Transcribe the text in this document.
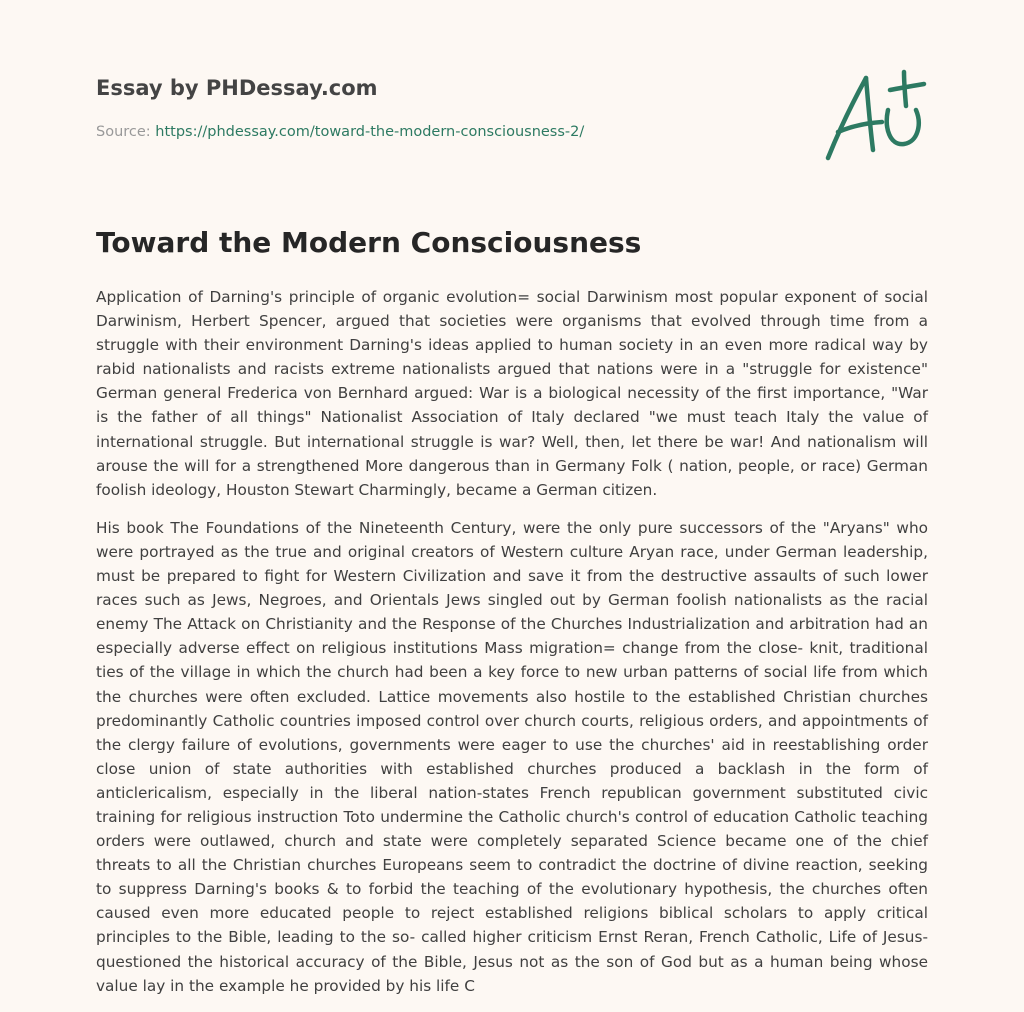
Essay by PHDessay.com
Source: https://phdessay.com/toward-the-modern-consciousness-2/
Toward the Modern Consciousness

Application of Darning's principle of organic evolution= social Darwinism most popular exponent of social Darwinism, Herbert Spencer, argued that societies were organisms that evolved through time from a struggle with their environment Darning's ideas applied to human society in an even more radical way by rabid nationalists and racists extreme nationalists argued that nations were in a "struggle for existence" German general Frederica von Bernhard argued: War is a biological necessity of the first importance, "War is the father of all things" Nationalist Association of Italy declared "we must teach Italy the value of international struggle. But international struggle is war? Well, then, let there be war! And nationalism will arouse the will for a strengthened More dangerous than in Germany Folk ( nation, people, or race) German foolish ideology, Houston Stewart Charmingly, became a German citizen.

His book The Foundations of the Nineteenth Century, were the only pure successors of the "Aryans" who were portrayed as the true and original creators of Western culture Aryan race, under German leadership, must be prepared to fight for Western Civilization and save it from the destructive assaults of such lower races such as Jews, Negroes, and Orientals Jews singled out by German foolish nationalists as the racial enemy The Attack on Christianity and the Response of the Churches Industrialization and arbitration had an especially adverse effect on religious institutions Mass migration= change from the close- knit, traditional ties of the village in which the church had been a key force to new urban patterns of social life from which the churches were often excluded. Lattice movements also hostile to the established Christian churches predominantly Catholic countries imposed control over church courts, religious orders, and appointments of the clergy failure of evolutions, governments were eager to use the churches' aid in reestablishing order close union of state authorities with established churches produced a backlash in the form of anticlericalism, especially in the liberal nation-states French republican government substituted civic training for religious instruction Toto undermine the Catholic church's control of education Catholic teaching orders were outlawed, church and state were completely separated Science became one of the chief threats to all the Christian churches Europeans seem to contradict the doctrine of divine reaction, seeking to suppress Darning's books & to forbid the teaching of the evolutionary hypothesis, the churches often caused even more educated people to reject established religions biblical scholars to apply critical principles to the Bible, leading to the so- called higher criticism Ernst Reran, French Catholic, Life of Jesus- questioned the historical accuracy of the Bible, Jesus not as the son of God but as a human being whose value lay in the example he provided by his life C
